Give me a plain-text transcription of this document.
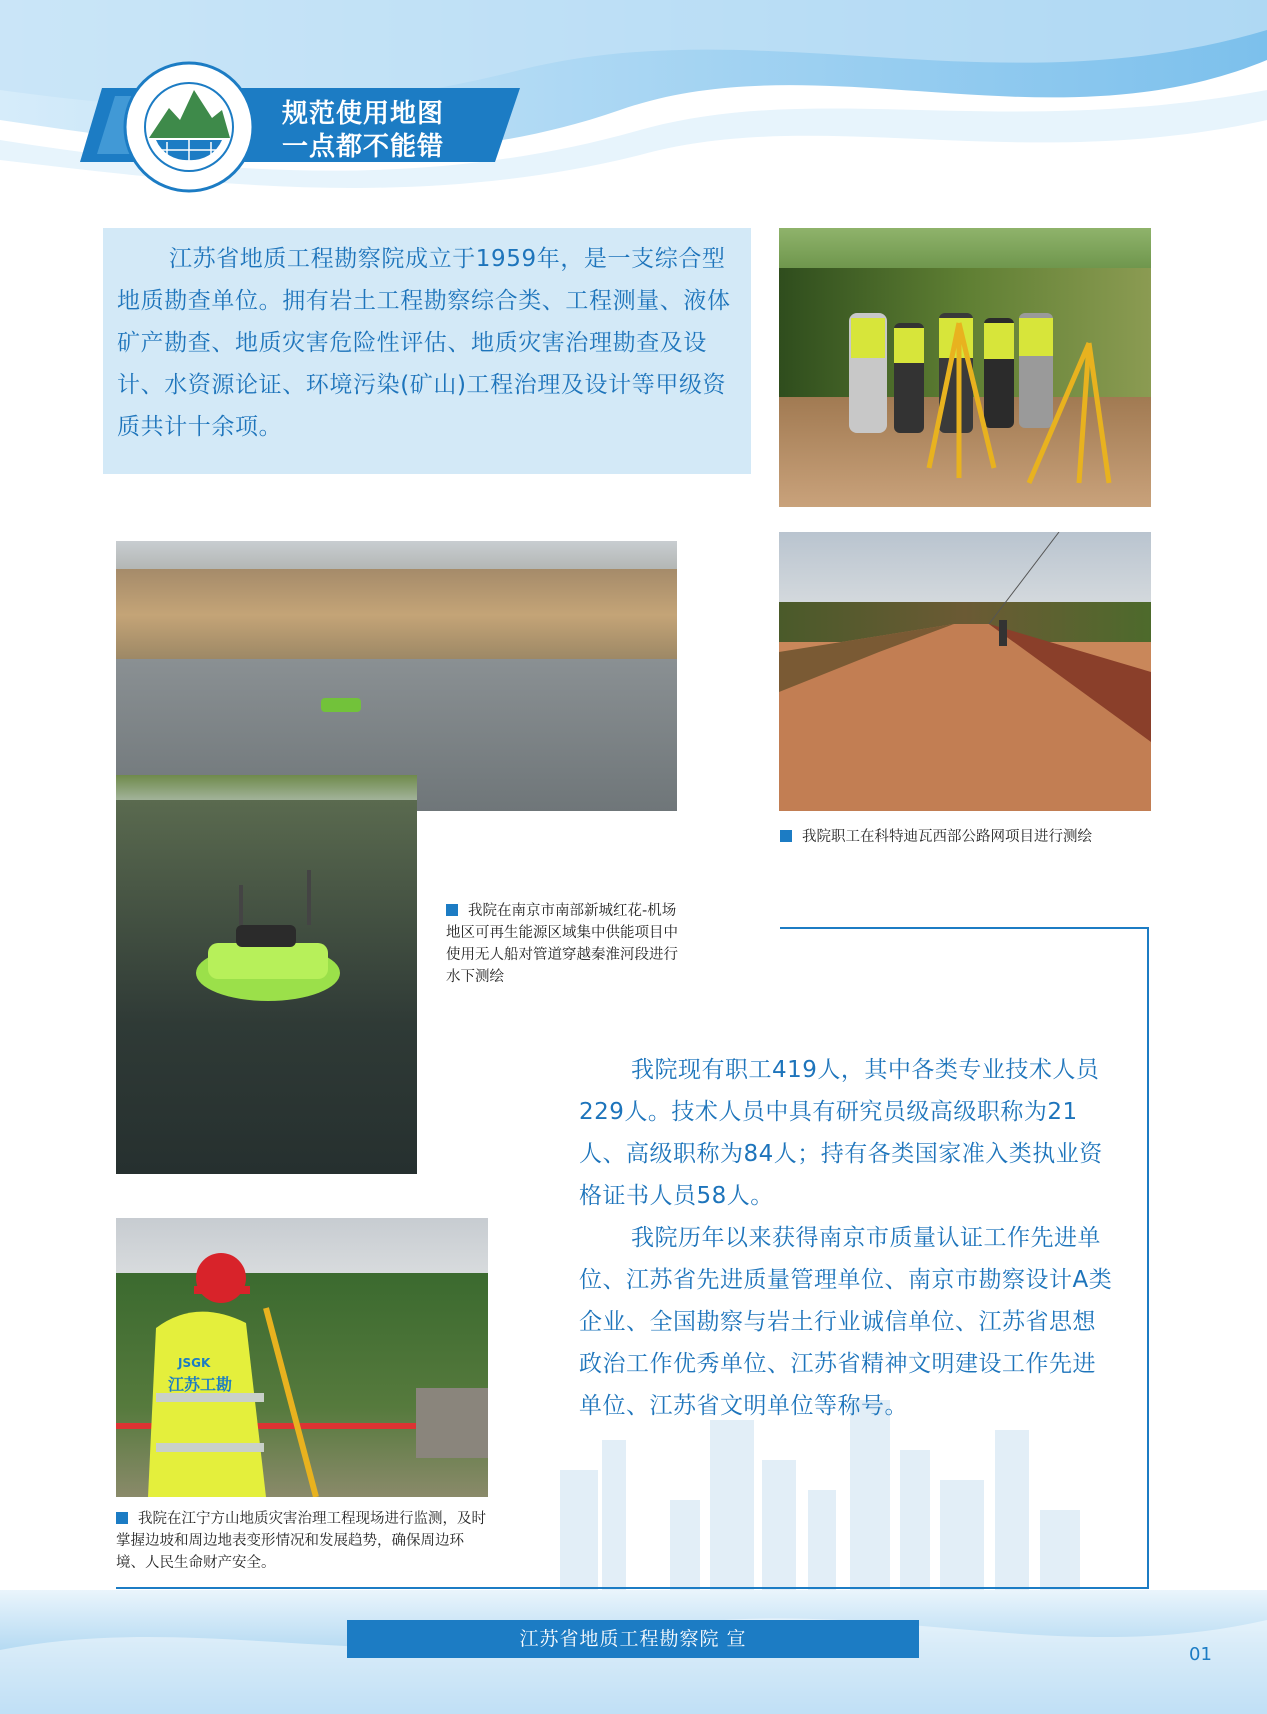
规范使用地图
一点都不能错
江苏省地质工程勘察院成立于1959年，是一支综合型地质勘查单位。拥有岩土工程勘察综合类、工程测量、液体矿产勘查、地质灾害危险性评估、地质灾害治理勘查及设计、水资源论证、环境污染(矿山)工程治理及设计等甲级资质共计十余项。
我院职工在科特迪瓦西部公路网项目进行测绘
我院在南京市南部新城红花-机场地区可再生能源区域集中供能项目中使用无人船对管道穿越秦淮河段进行水下测绘
我院现有职工419人，其中各类专业技术人员229人。技术人员中具有研究员级高级职称为21人、高级职称为84人；持有各类国家准入类执业资格证书人员58人。
我院历年以来获得南京市质量认证工作先进单位、江苏省先进质量管理单位、南京市勘察设计A类企业、全国勘察与岩土行业诚信单位、江苏省思想政治工作优秀单位、江苏省精神文明建设工作先进单位、江苏省文明单位等称号。
JSGK
江苏工勘
我院在江宁方山地质灾害治理工程现场进行监测，及时掌握边坡和周边地表变形情况和发展趋势，确保周边环境、人民生命财产安全。
江苏省地质工程勘察院 宣
01
